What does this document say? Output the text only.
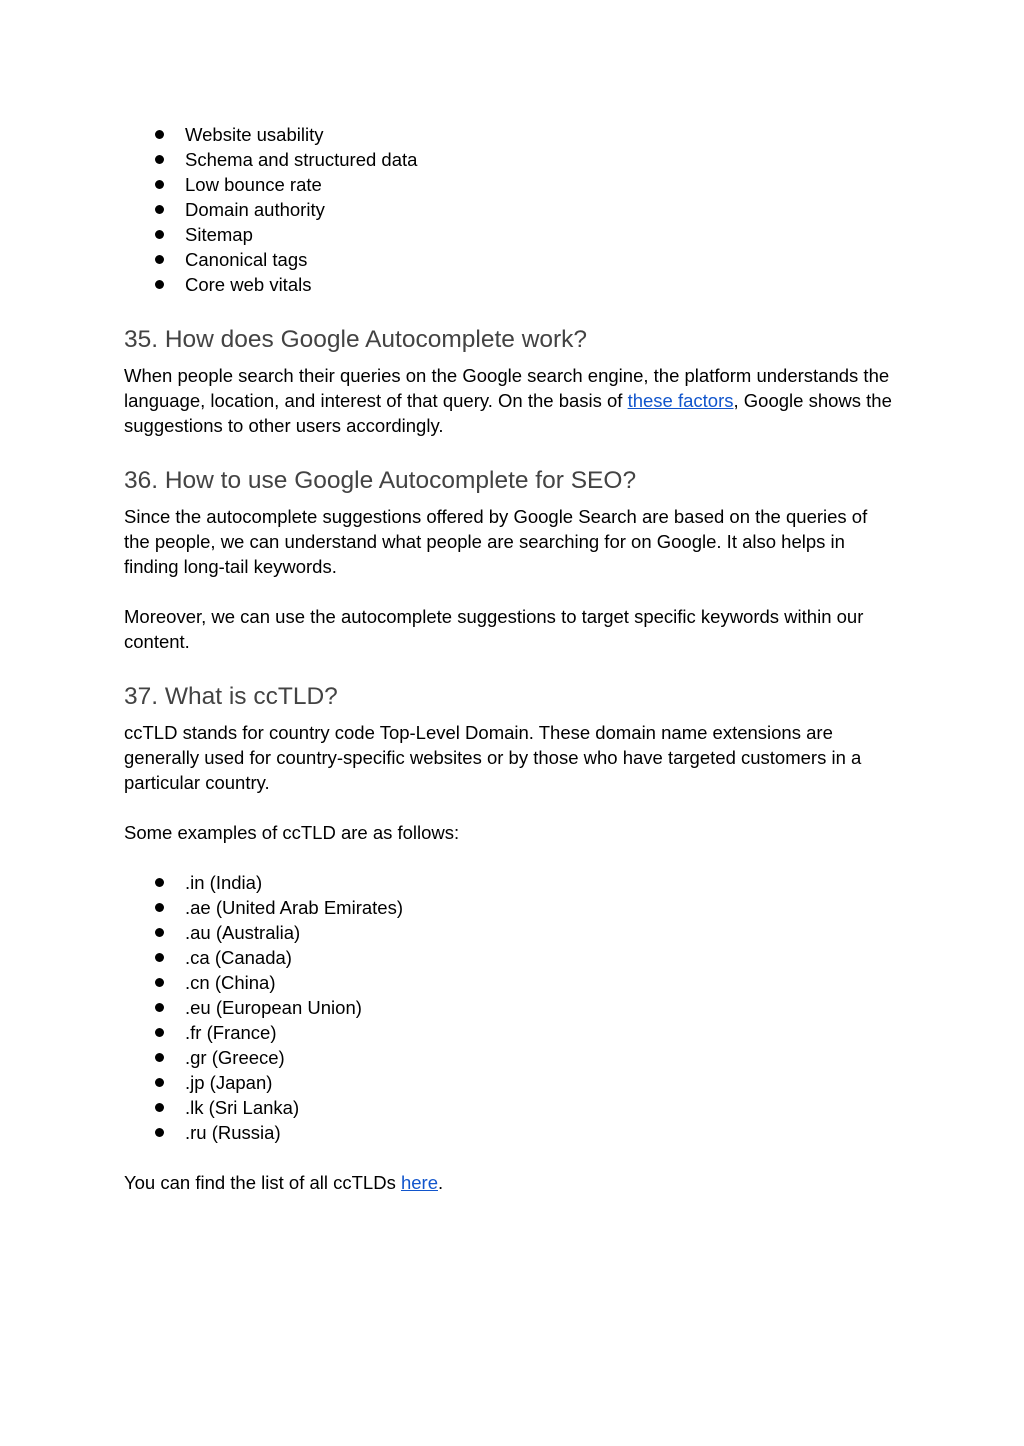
Website usability
Schema and structured data
Low bounce rate
Domain authority
Sitemap
Canonical tags
Core web vitals
35. How does Google Autocomplete work?

When people search their queries on the Google search engine, the platform understands the language, location, and interest of that query. On the basis of these factors, Google shows the suggestions to other users accordingly.

36. How to use Google Autocomplete for SEO?

Since the autocomplete suggestions offered by Google Search are based on the queries of the people, we can understand what people are searching for on Google. It also helps in finding long-tail keywords.

Moreover, we can use the autocomplete suggestions to target specific keywords within our content.

37. What is ccTLD?

ccTLD stands for country code Top-Level Domain. These domain name extensions are generally used for country-specific websites or by those who have targeted customers in a particular country.

Some examples of ccTLD are as follows:

.in (India)
.ae (United Arab Emirates)
.au (Australia)
.ca (Canada)
.cn (China)
.eu (European Union)
.fr (France)
.gr (Greece)
.jp (Japan)
.lk (Sri Lanka)
.ru (Russia)

You can find the list of all ccTLDs here.
